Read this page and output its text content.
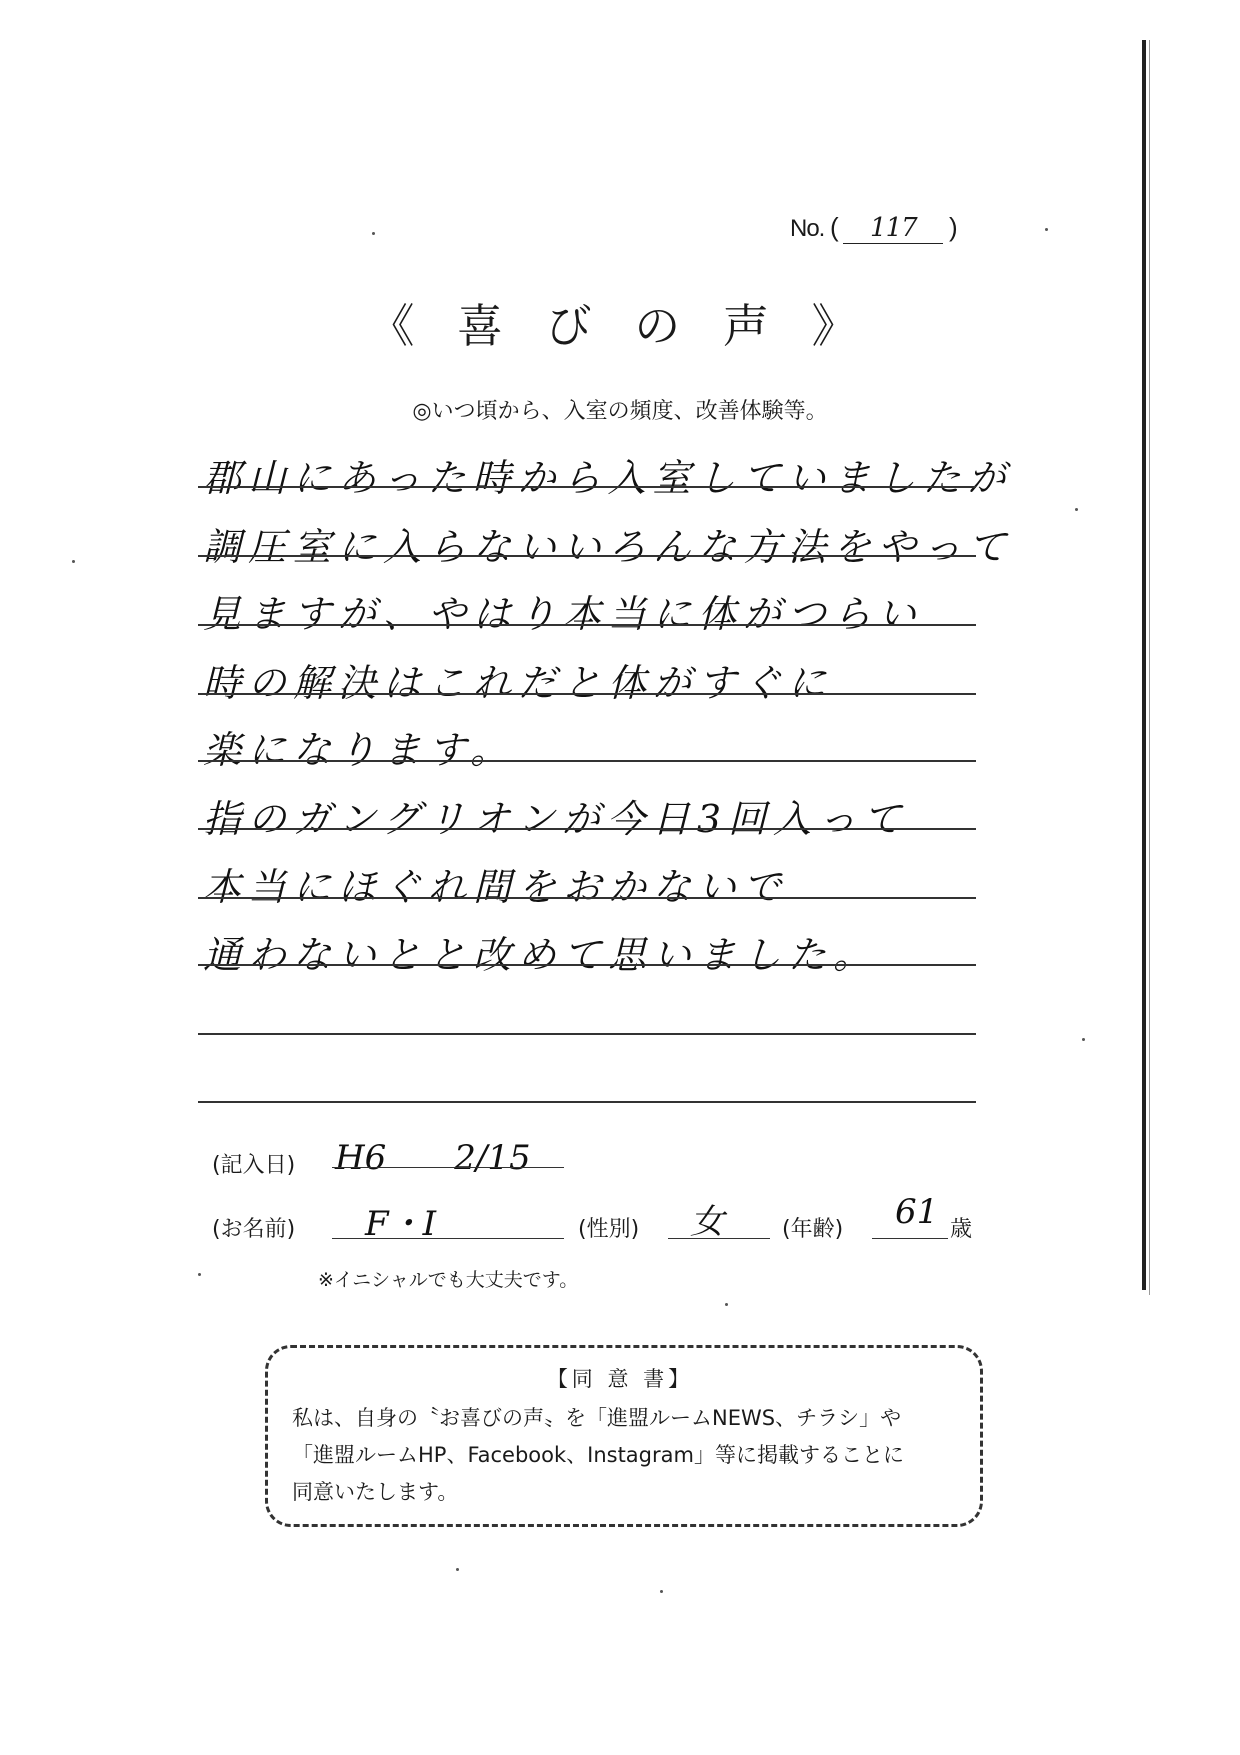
No. ( 117 )
《 喜 び の 声 》
◎いつ頃から、入室の頻度、改善体験等。
郡山にあった時から入室していましたが
調圧室に入らないいろんな方法をやって
見ますが、やはり本当に体がつらい
時の解決はこれだと体がすぐに
楽になります。
指のガングリオンが今日3回入って
本当にほぐれ間をおかないで
通わないとと改めて思いました。
(記入日) H6　　2/15
(お名前) F・I	(性別) 女	(年齢) 61 歳
※イニシャルでも大丈夫です。
【同 意 書】
私は、自身の〝お喜びの声〟を「進盟ルームNEWS、チラシ」や
「進盟ルームHP、Facebook、Instagram」等に掲載することに
同意いたします。
